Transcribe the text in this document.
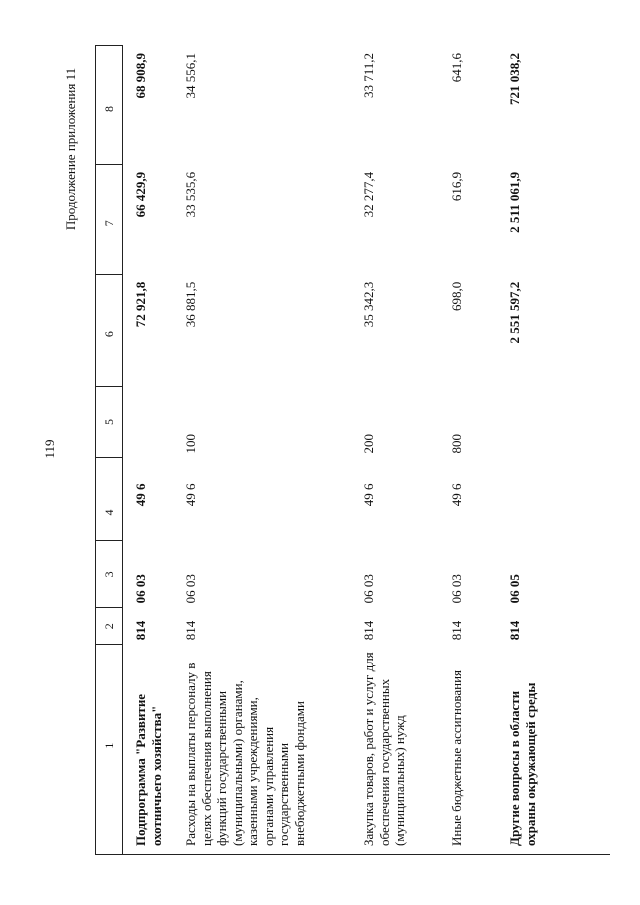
119
Продолжение приложения 11
1
2
3
4
5
6
7
8
Подпрограмма "Развитие охотничьего хозяйства"
814
06 03
49 6
72 921,8
66 429,9
68 908,9
Расходы на выплаты персоналу в целях обеспечения выполнения функций государственными (муниципальными) органами, казенными учреждениями, органами управления государственными внебюджетными фондами
814
06 03
49 6
100
36 881,5
33 535,6
34 556,1
Закупка товаров, работ и услуг для обеспечения государственных (муниципальных) нужд
814
06 03
49 6
200
35 342,3
32 277,4
33 711,2
Иные бюджетные ассигнования
814
06 03
49 6
800
698,0
616,9
641,6
Другие вопросы в области охраны окружающей среды
814
06 05
2 551 597,2
2 511 061,9
721 038,2
